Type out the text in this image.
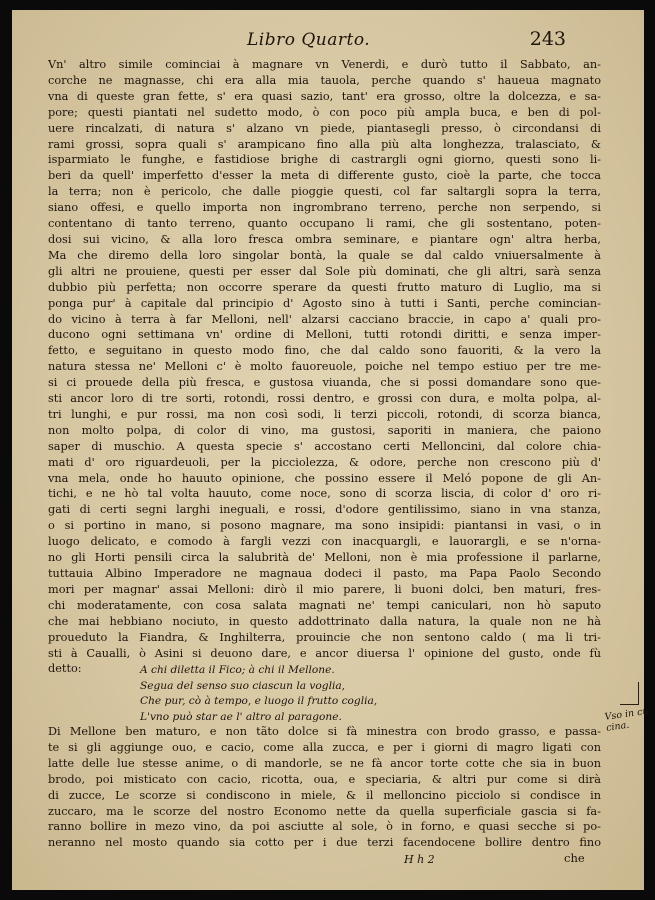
Libro Quarto.	243
Vn' altro simile cominciai à magnare vn Venerdi, e durò tutto il Sabbato, an-
corche ne magnasse, chi era alla mia tauola, perche quando s' haueua magnato
vna di queste gran fette, s' era quasi sazio, tant' era grosso, oltre la dolcezza, e sa-
pore; questi piantati nel sudetto modo, ò con poco più ampla buca, e ben di pol-
uere rincalzati, di natura s' alzano vn piede, piantasegli presso, ò circondansi di
rami grossi, sopra quali s' arampicano fino alla più alta longhezza, tralasciato, &
isparmiato le funghe, e fastidiose brighe di castrargli ogni giorno, questi sono li-
beri da quell' imperfetto d'esser la meta di differente gusto, cioè la parte, che tocca
la terra; non è pericolo, che dalle pioggie questi, col far saltargli sopra la terra,
siano offesi, e quello importa non ingrombrano terreno, perche non serpendo, si
contentano di tanto terreno, quanto occupano li rami, che gli sostentano, poten-
dosi sui vicino, & alla loro fresca ombra seminare, e piantare ogn' altra herba,
Ma che diremo della loro singolar bontà, la quale se dal caldo vniuersalmente à
gli altri ne prouiene, questi per esser dal Sole più dominati, che gli altri, sarà senza
dubbio più perfetta; non occorre sperare da questi frutto maturo di Luglio, ma si
ponga pur' à capitale dal principio d' Agosto sino à tutti i Santi, perche comincian-
do vicino à terra à far Melloni, nell' alzarsi cacciano braccie, in capo a' quali pro-
ducono ogni settimana vn' ordine di Melloni, tutti rotondi diritti, e senza imper-
fetto, e seguitano in questo modo fino, che dal caldo sono fauoriti, & la vero la
natura stessa ne' Melloni c' è molto fauoreuole, poiche nel tempo estiuo per tre me-
si ci prouede della più fresca, e gustosa viuanda, che si possi domandare sono que-
sti ancor loro di tre sorti, rotondi, rossi dentro, e grossi con dura, e molta polpa, al-
tri lunghi, e pur rossi, ma non così sodi, li terzi piccoli, rotondi, di scorza bianca,
non molto polpa, di color di vino, ma gustosi, saporiti in maniera, che paiono
saper di muschio. A questa specie s' accostano certi Melloncini, dal colore chia-
mati d' oro riguardeuoli, per la picciolezza, & odore, perche non crescono più d'
vna mela, onde ho hauuto opinione, che possino essere il Meló popone de gli An-
tichi, e ne hò tal volta hauuto, come noce, sono di scorza liscia, di color d' oro ri-
gati di certi segni larghi ineguali, e rossi, d'odore gentilissimo, siano in vna stanza,
o si portino in mano, si posono magnare, ma sono insipidi: piantansi in vasi, o in
luogo delicato, e comodo à fargli vezzi con inacquargli, e lauorargli, e se n'orna-
no gli Horti pensili circa la salubrità de' Melloni, non è mia professione il parlarne,
tuttauia Albino Imperadore ne magnaua dodeci il pasto, ma Papa Paolo Secondo
mori per magnar' assai Melloni: dirò il mio parere, li buoni dolci, ben maturi, fres-
chi moderatamente, con cosa salata magnati ne' tempi caniculari, non hò saputo
che mai hebbiano nociuto, in questo addottrinato dalla natura, la quale non ne hà
proueduto la Fiandra, & Inghilterra, prouincie che non sentono caldo ( ma li tri-
sti à Caualli, ò Asini si deuono dare, e ancor diuersa l' opinione del gusto, onde fù
detto:	A chi diletta il Fico; à chi il Mellone.
Segua del senso suo ciascun la voglia,
Che pur, cò à tempo, e luogo il frutto coglia,
L'vno può star ae l' altro al paragone.	Vso in cu cina.
Di Mellone ben maturo, e non tãto dolce si fà minestra con brodo grasso, e passa-
te si gli aggiunge ouo, e cacio, come alla zucca, e per i giorni di magro ligati con
latte delle lue stesse anime, o di mandorle, se ne fà ancor torte cotte che sia in buon
brodo, poi misticato con cacio, ricotta, oua, e speciaria, & altri pur come si dirà
di zucce, Le scorze si condiscono in miele, & il melloncino picciolo si condisce in
zuccaro, ma le scorze del nostro Economo nette da quella superficiale gascia si fa-
ranno bollire in mezo vino, da poi asciutte al sole, ò in forno, e quasi secche si po-
neranno nel mosto quando sia cotto per i due terzi facendocene bollire dentro fino
H h 2	che
